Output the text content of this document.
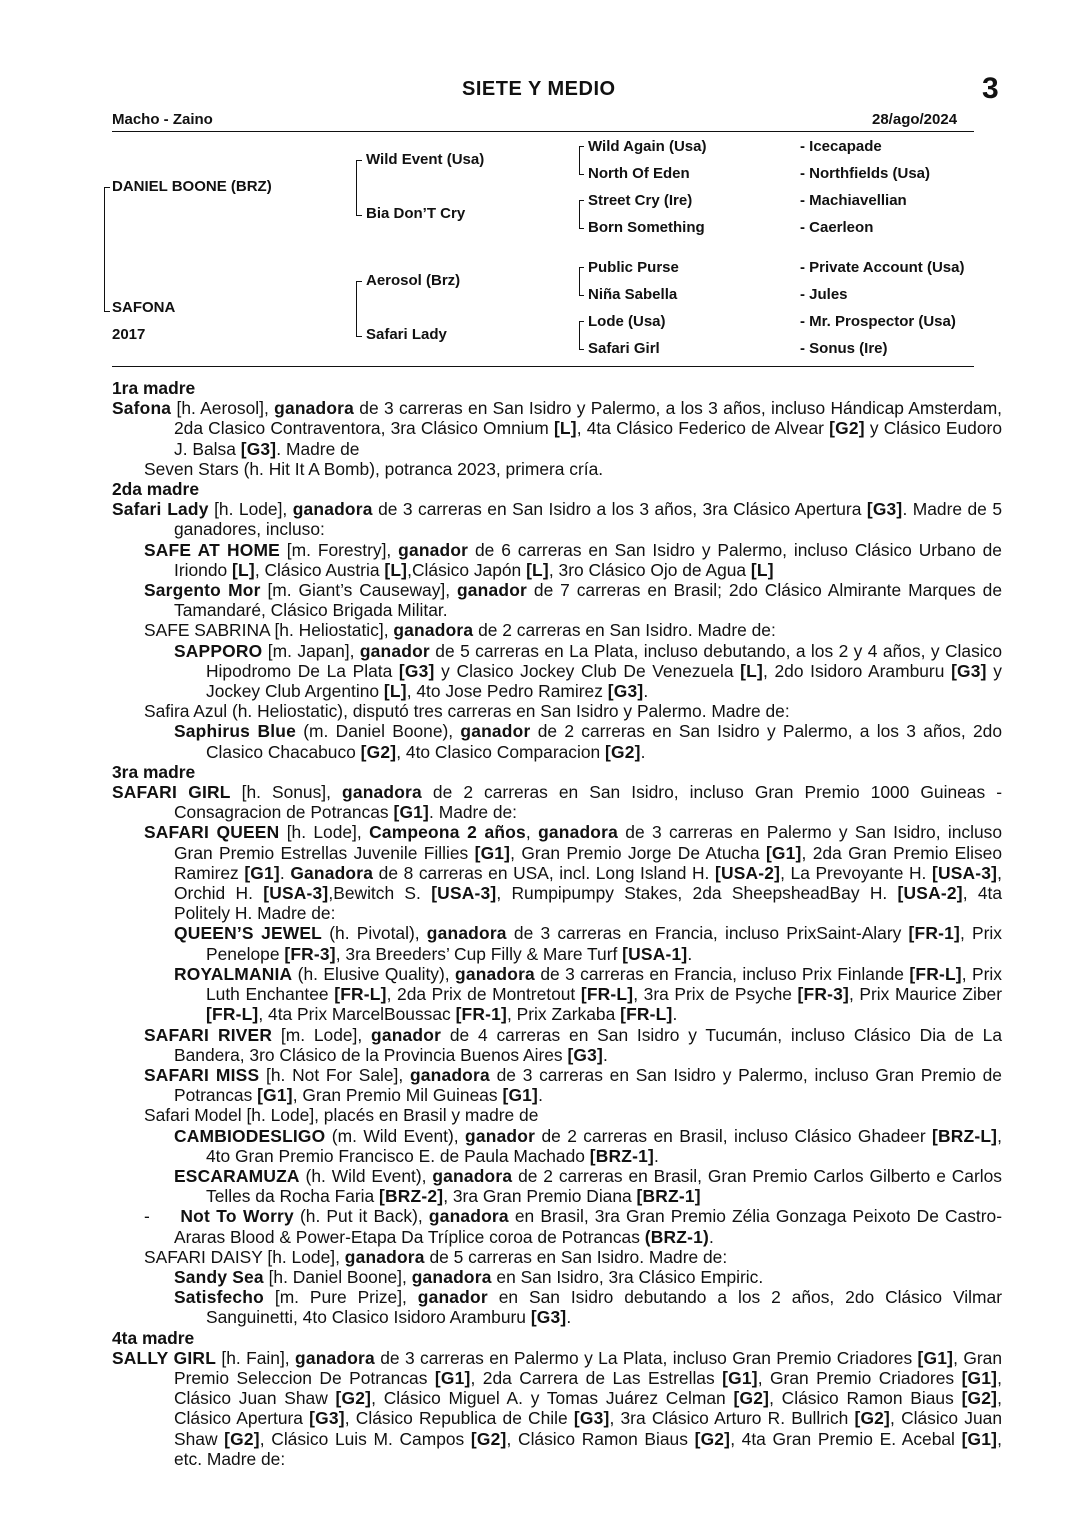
SIETE Y MEDIO	3
Macho - Zaino	28/ago/2024
DANIEL BOONE (BRZ)
SAFONA
2017
Wild Event (Usa)
Bia Don’T Cry
Aerosol (Brz)
Safari Lady
Wild Again (Usa)
North Of Eden
Street Cry (Ire)
Born Something
Public Purse
Niña Sabella
Lode (Usa)
Safari Girl
- Icecapade
- Northfields (Usa)
- Machiavellian
- Caerleon
- Private Account (Usa)
- Jules
- Mr. Prospector (Usa)
- Sonus (Ire)

1ra madre

Safona [h. Aerosol], ganadora de 3 carreras en San Isidro y Palermo, a los 3 años, incluso Hándicap Amsterdam, 2da Clasico Contraventora, 3ra Clásico Omnium [L], 4ta Clásico Federico de Alvear [G2] y Clásico Eudoro J. Balsa [G3]. Madre de

Seven Stars (h. Hit It A Bomb), potranca 2023, primera cría.

2da madre

Safari Lady [h. Lode], ganadora de 3 carreras en San Isidro a los 3 años, 3ra Clásico Apertura [G3]. Madre de 5 ganadores, incluso:

SAFE AT HOME [m. Forestry], ganador de 6 carreras en San Isidro y Palermo, incluso Clásico Urbano de Iriondo [L], Clásico Austria [L],Clásico Japón [L], 3ro Clásico Ojo de Agua [L]

Sargento Mor [m. Giant’s Causeway], ganador de 7 carreras en Brasil; 2do Clásico Almirante Marques de Tamandaré, Clásico Brigada Militar.

SAFE SABRINA [h. Heliostatic], ganadora de 2 carreras en San Isidro. Madre de:

SAPPORO [m. Japan], ganador de 5 carreras en La Plata, incluso debutando, a los 2 y 4 años, y Clasico Hipodromo De La Plata [G3] y Clasico Jockey Club De Venezuela [L], 2do Isidoro Aramburu [G3] y Jockey Club Argentino [L], 4to Jose Pedro Ramirez [G3].

Safira Azul (h. Heliostatic), disputó tres carreras en San Isidro y Palermo. Madre de:

Saphirus Blue (m. Daniel Boone), ganador de 2 carreras en San Isidro y Palermo, a los 3 años, 2do Clasico Chacabuco [G2], 4to Clasico Comparacion [G2].

3ra madre

SAFARI GIRL [h. Sonus], ganadora de 2 carreras en San Isidro, incluso Gran Premio 1000 Guineas - Consagracion de Potrancas [G1]. Madre de:

SAFARI QUEEN [h. Lode], Campeona 2 años, ganadora de 3 carreras en Palermo y San Isidro, incluso Gran Premio Estrellas Juvenile Fillies [G1], Gran Premio Jorge De Atucha [G1], 2da Gran Premio Eliseo Ramirez [G1]. Ganadora de 8 carreras en USA, incl. Long Island H. [USA-2], La Prevoyante H. [USA-3], Orchid H. [USA-3],Bewitch S. [USA-3], Rumpipumpy Stakes, 2da SheepsheadBay H. [USA-2], 4ta Politely H. Madre de:

QUEEN’S JEWEL (h. Pivotal), ganadora de 3 carreras en Francia, incluso PrixSaint-Alary [FR-1], Prix Penelope [FR-3], 3ra Breeders’ Cup Filly & Mare Turf [USA-1].

ROYALMANIA (h. Elusive Quality), ganadora de 3 carreras en Francia, incluso Prix Finlande [FR-L], Prix Luth Enchantee [FR-L], 2da Prix de Montretout [FR-L], 3ra Prix de Psyche [FR-3], Prix Maurice Ziber [FR-L], 4ta Prix MarcelBoussac [FR-1], Prix Zarkaba [FR-L].

SAFARI RIVER [m. Lode], ganador de 4 carreras en San Isidro y Tucumán, incluso Clásico Dia de La Bandera, 3ro Clásico de la Provincia Buenos Aires [G3].

SAFARI MISS [h. Not For Sale], ganadora de 3 carreras en San Isidro y Palermo, incluso Gran Premio de Potrancas [G1], Gran Premio Mil Guineas [G1].

Safari Model [h. Lode], placés en Brasil y madre de

CAMBIODESLIGO (m. Wild Event), ganador de 2 carreras en Brasil, incluso Clásico Ghadeer [BRZ-L], 4to Gran Premio Francisco E. de Paula Machado [BRZ-1].

ESCARAMUZA (h. Wild Event), ganadora de 2 carreras en Brasil, Gran Premio Carlos Gilberto e Carlos Telles da Rocha Faria [BRZ-2], 3ra Gran Premio Diana [BRZ-1]

-     Not To Worry (h. Put it Back), ganadora en Brasil, 3ra Gran Premio Zélia Gonzaga Peixoto De Castro-Araras Blood & Power-Etapa Da Tríplice coroa de Potrancas (BRZ-1).

SAFARI DAISY [h. Lode], ganadora de 5 carreras en San Isidro. Madre de:

Sandy Sea [h. Daniel Boone], ganadora en San Isidro, 3ra Clásico Empiric.

Satisfecho [m. Pure Prize], ganador en San Isidro debutando a los 2 años, 2do Clásico Vilmar Sanguinetti, 4to Clasico Isidoro Aramburu [G3].

4ta madre

SALLY GIRL [h. Fain], ganadora de 3 carreras en Palermo y La Plata, incluso Gran Premio Criadores [G1], Gran Premio Seleccion De Potrancas [G1], 2da Carrera de Las Estrellas [G1], Gran Premio Criadores [G1], Clásico Juan Shaw [G2], Clásico Miguel A. y Tomas Juárez Celman [G2], Clásico Ramon Biaus [G2], Clásico Apertura [G3], Clásico Republica de Chile [G3], 3ra Clásico Arturo R. Bullrich [G2], Clásico Juan Shaw [G2], Clásico Luis M. Campos [G2], Clásico Ramon Biaus [G2], 4ta Gran Premio E. Acebal [G1], etc. Madre de:
